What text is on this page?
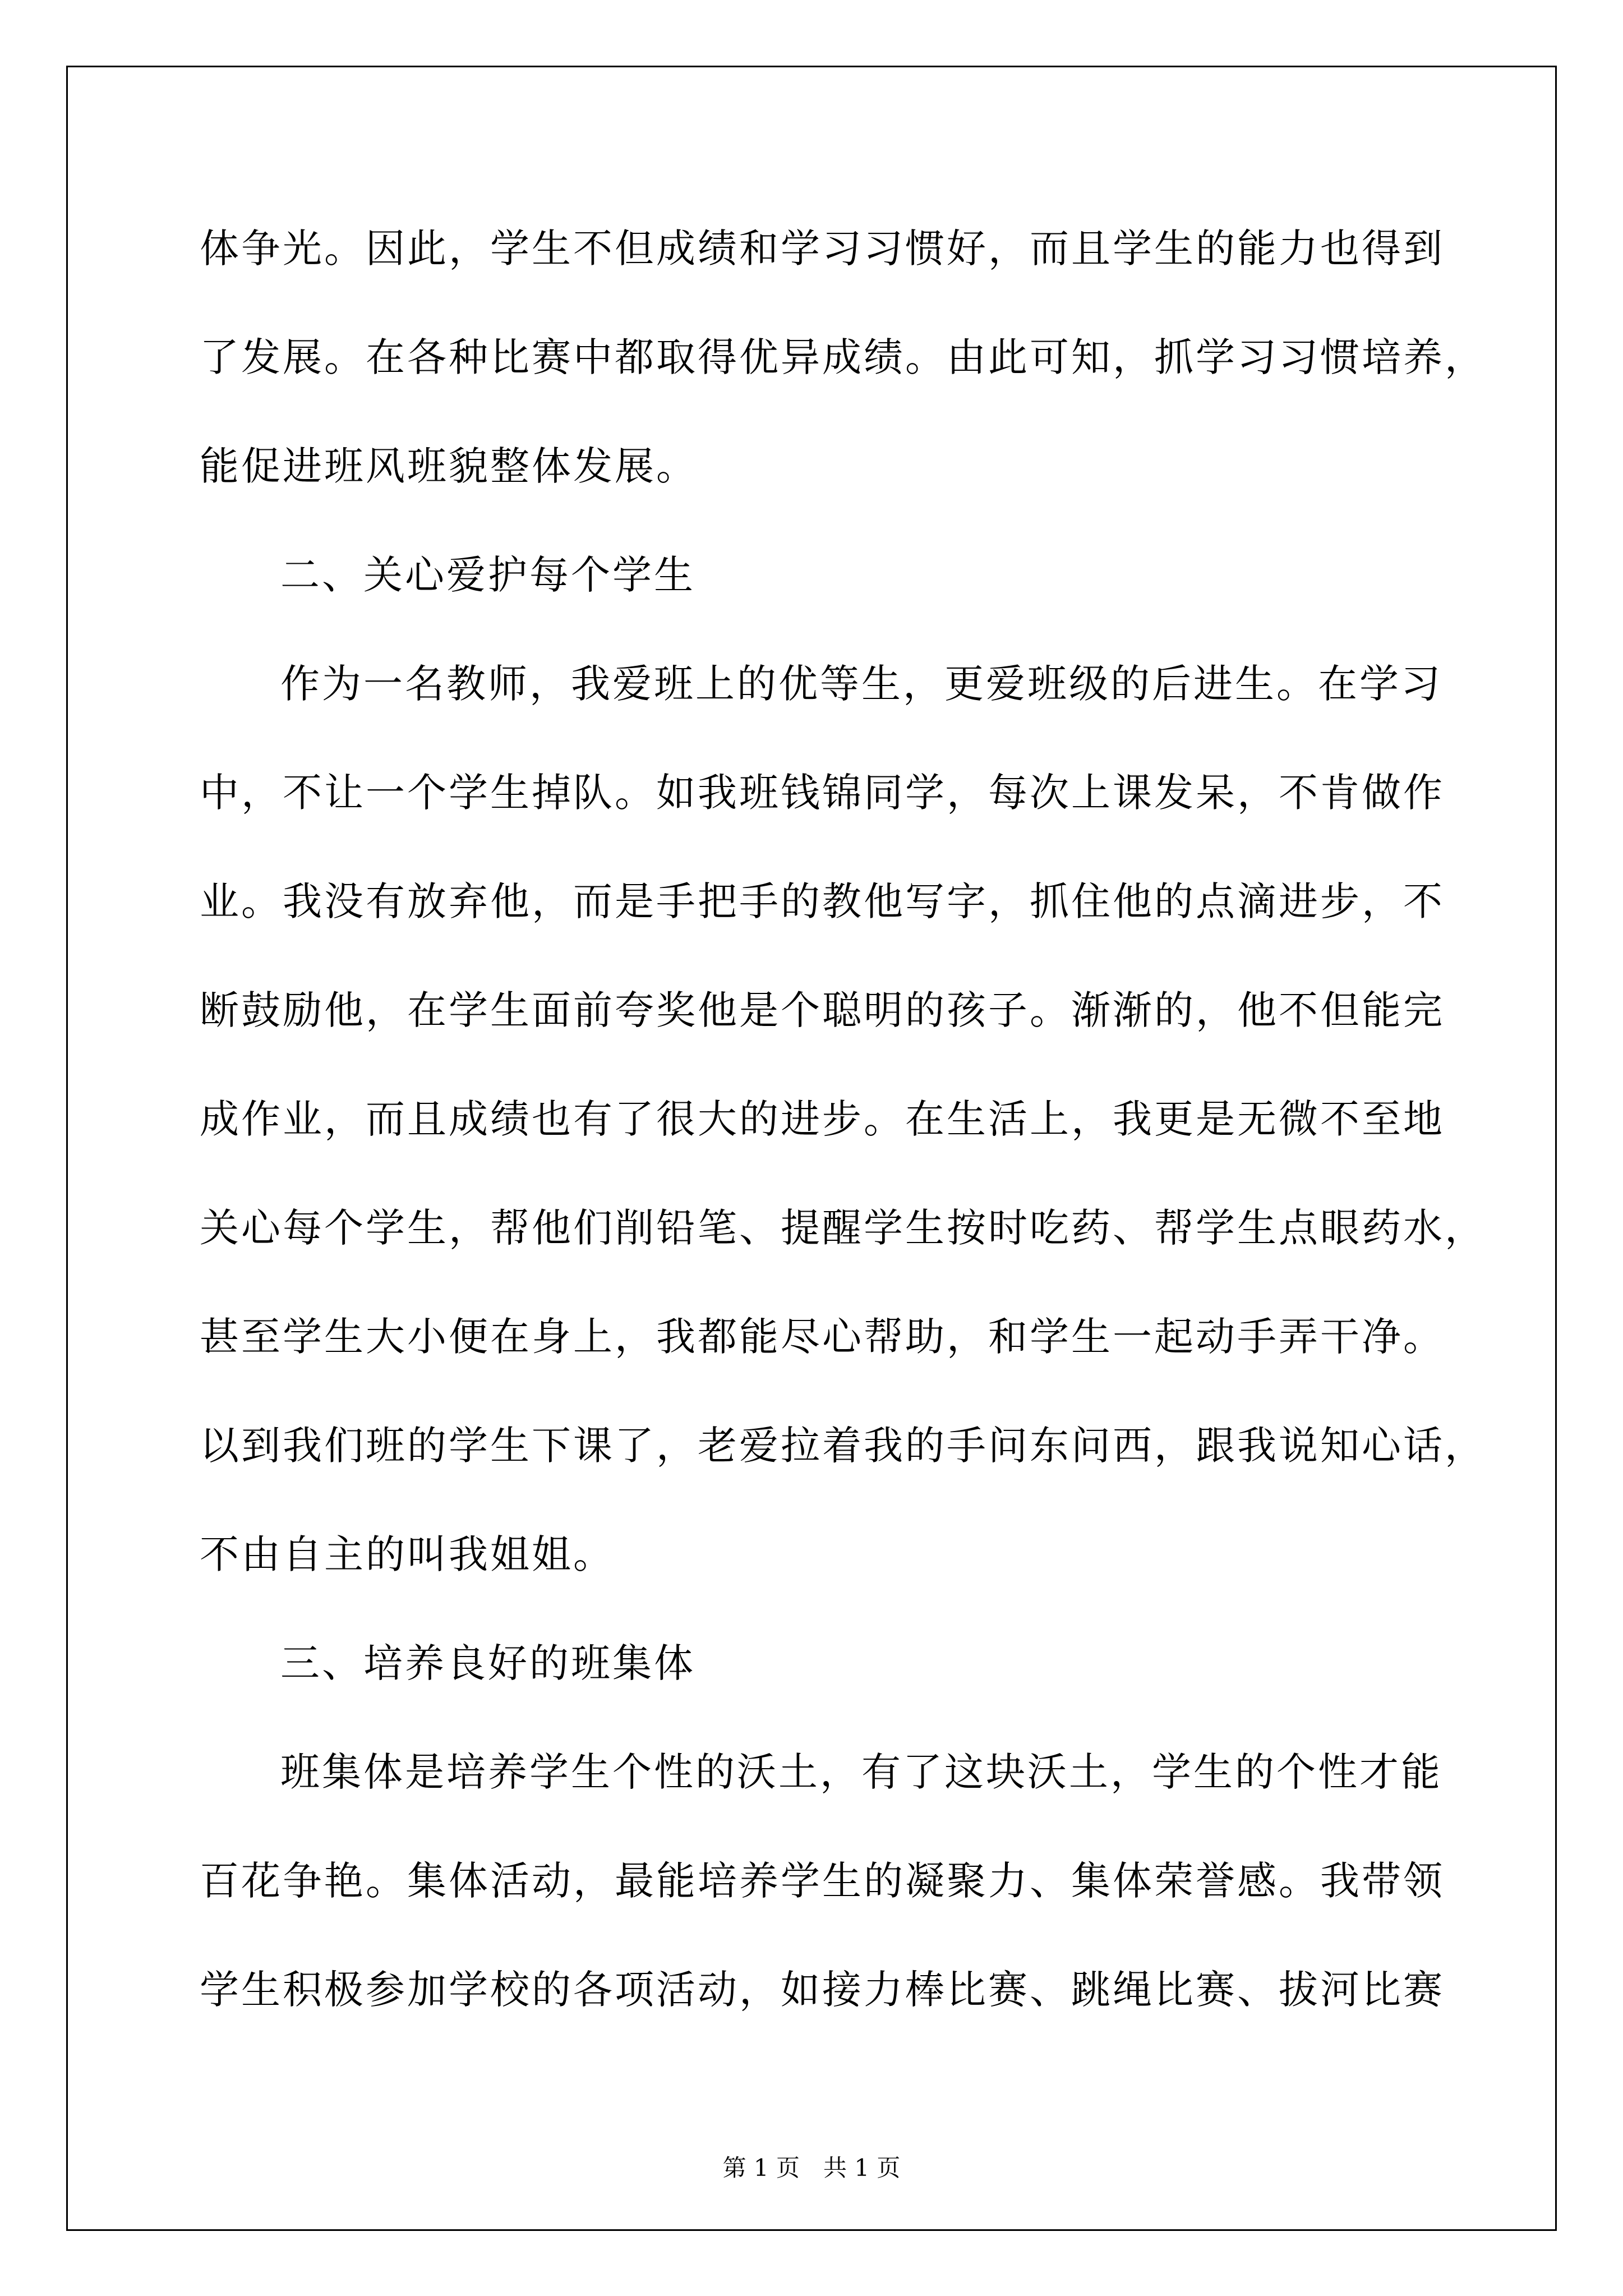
体争光。因此，学生不但成绩和学习习惯好，而且学生的能力也得到

了发展。在各种比赛中都取得优异成绩。由此可知，抓学习习惯培养，

能促进班风班貌整体发展。

二、关心爱护每个学生

作为一名教师，我爱班上的优等生，更爱班级的后进生。在学习

中，不让一个学生掉队。如我班钱锦同学，每次上课发呆，不肯做作

业。我没有放弃他，而是手把手的教他写字，抓住他的点滴进步，不

断鼓励他，在学生面前夸奖他是个聪明的孩子。渐渐的，他不但能完

成作业，而且成绩也有了很大的进步。在生活上，我更是无微不至地

关心每个学生，帮他们削铅笔、提醒学生按时吃药、帮学生点眼药水，

甚至学生大小便在身上，我都能尽心帮助，和学生一起动手弄干净。

以到我们班的学生下课了，老爱拉着我的手问东问西，跟我说知心话，

不由自主的叫我姐姐。

三、培养良好的班集体

班集体是培养学生个性的沃土，有了这块沃土，学生的个性才能

百花争艳。集体活动，最能培养学生的凝聚力、集体荣誉感。我带领

学生积极参加学校的各项活动，如接力棒比赛、跳绳比赛、拔河比赛

第 1 页　共 1 页
